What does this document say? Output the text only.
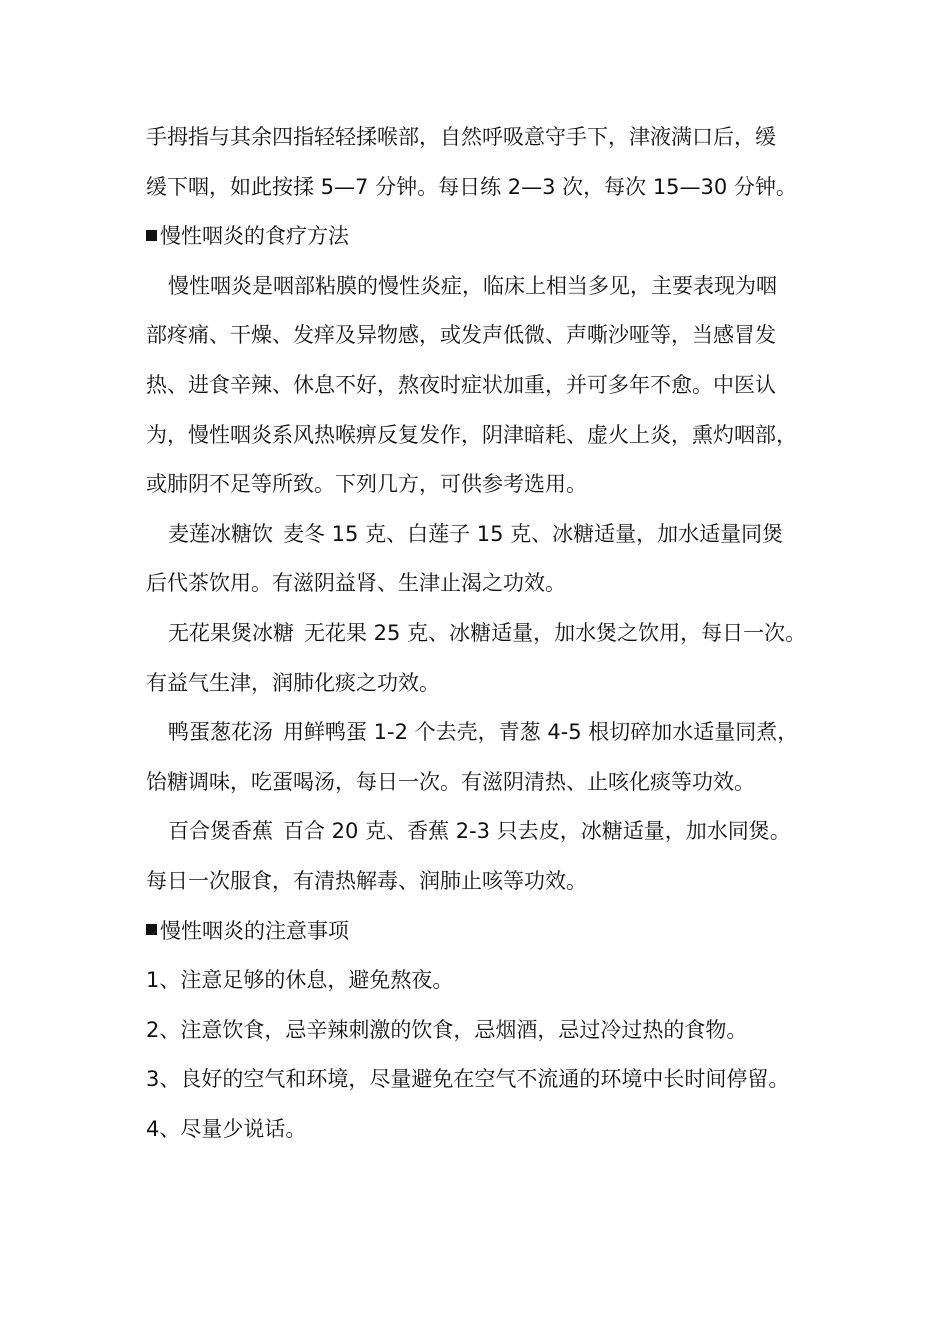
手拇指与其余四指轻轻揉喉部，自然呼吸意守手下，津液满口后，缓
缓下咽，如此按揉 5—7 分钟。每日练 2—3 次，每次 15—30 分钟。
慢性咽炎的食疗方法
慢性咽炎是咽部粘膜的慢性炎症，临床上相当多见，主要表现为咽
部疼痛、干燥、发痒及异物感，或发声低微、声嘶沙哑等，当感冒发
热、进食辛辣、休息不好，熬夜时症状加重，并可多年不愈。中医认
为，慢性咽炎系风热喉痹反复发作，阴津暗耗、虚火上炎，熏灼咽部，
或肺阴不足等所致。下列几方，可供参考选用。
麦莲冰糖饮 麦冬 15 克、白莲子 15 克、冰糖适量，加水适量同煲
后代茶饮用。有滋阴益肾、生津止渴之功效。
无花果煲冰糖 无花果 25 克、冰糖适量，加水煲之饮用，每日一次。
有益气生津，润肺化痰之功效。
鸭蛋葱花汤 用鲜鸭蛋 1-2 个去壳，青葱 4-5 根切碎加水适量同煮，
饴糖调味，吃蛋喝汤，每日一次。有滋阴清热、止咳化痰等功效。
百合煲香蕉 百合 20 克、香蕉 2-3 只去皮，冰糖适量，加水同煲。
每日一次服食，有清热解毒、润肺止咳等功效。
慢性咽炎的注意事项
1、注意足够的休息，避免熬夜。
2、注意饮食，忌辛辣刺激的饮食，忌烟酒，忌过冷过热的食物。
3、良好的空气和环境，尽量避免在空气不流通的环境中长时间停留。
4、尽量少说话。
